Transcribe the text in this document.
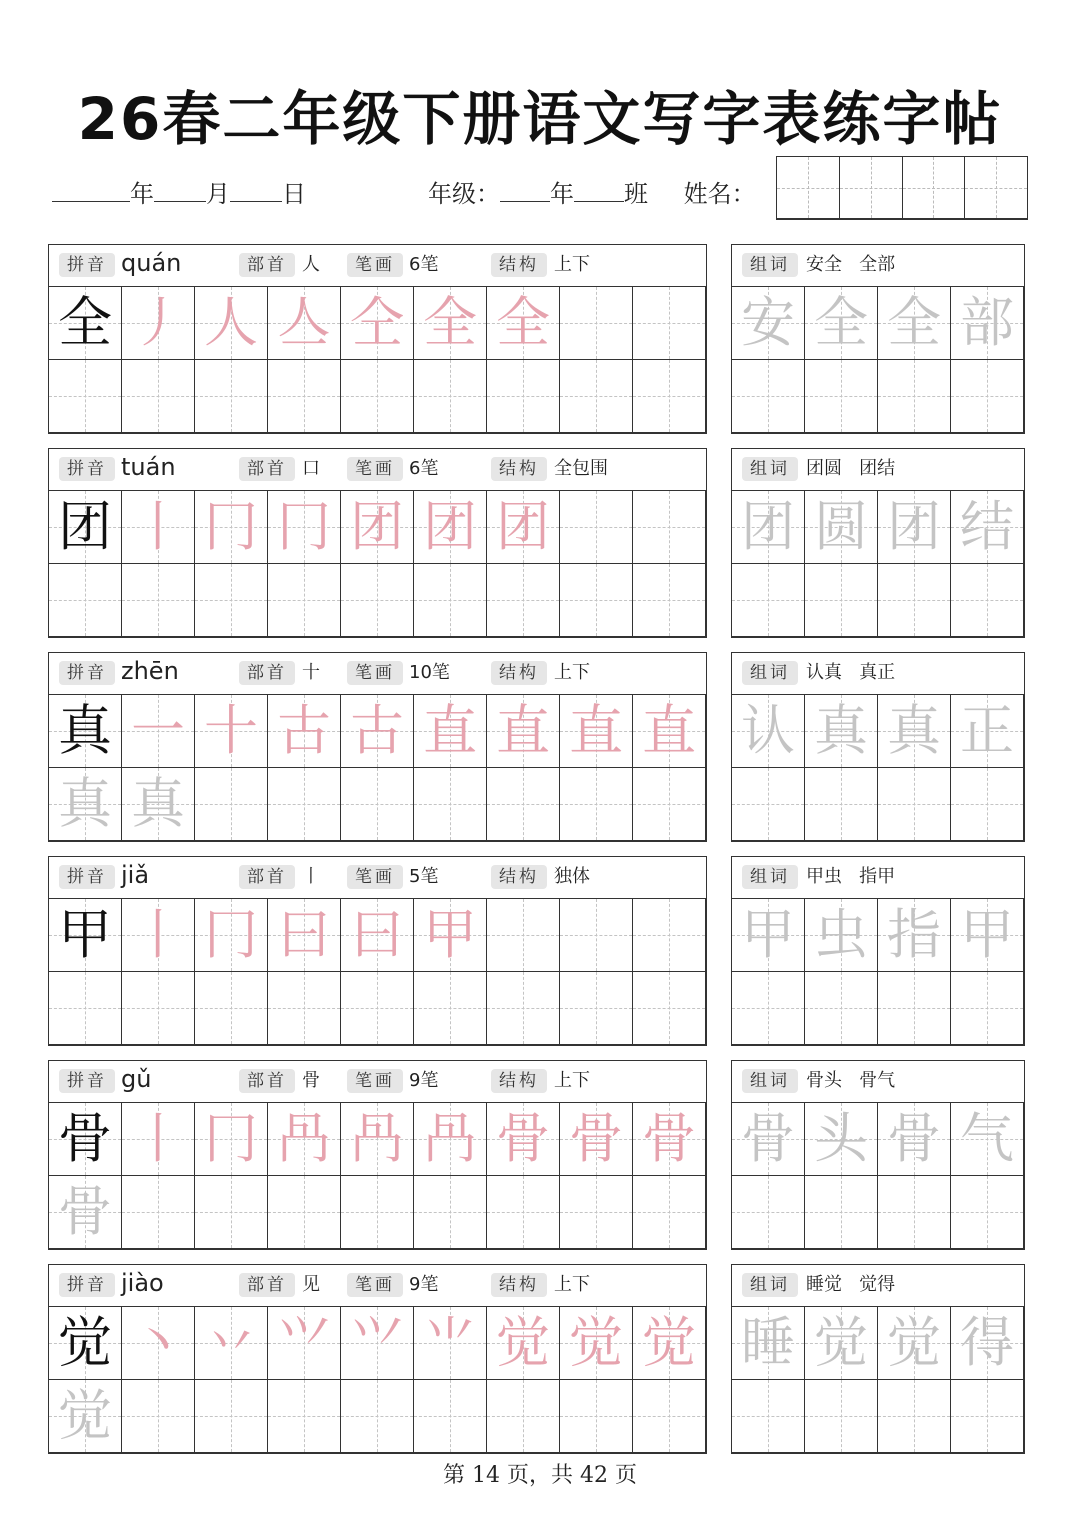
26春二年级下册语文写字表练字帖
年 月 日	年级： 年 班 姓名：
拼音 quán	部首 人	笔画 6笔	结构 上下
全 丿 人 亼 仝 全 全
组词 安全   全部
安 全 全 部
拼音 tuán	部首 口	笔画 6笔	结构 全包围
团 丨 冂 冂 团 团 团
组词 团圆   团结
团 圆 团 结
拼音 zhēn	部首 十	笔画 10笔	结构 上下
真 一 十 古 古 直 直 直 直
真 真
组词 认真   真正
认 真 真 正
拼音 jiǎ	部首 丨	笔画 5笔	结构 独体
甲 丨 冂 曰 曰 甲
组词 甲虫   指甲
甲 虫 指 甲
拼音 gǔ	部首 骨	笔画 9笔	结构 上下
骨 丨 冂 冎 冎 冎 骨 骨 骨
骨
组词 骨头   骨气
骨 头 骨 气
拼音 jiào	部首 见	笔画 9笔	结构 上下
觉 丶 丷 ⺍ ⺍ ⺌ 觉 觉 觉
觉
组词 睡觉   觉得
睡 觉 觉 得
第 14 页，共 42 页
